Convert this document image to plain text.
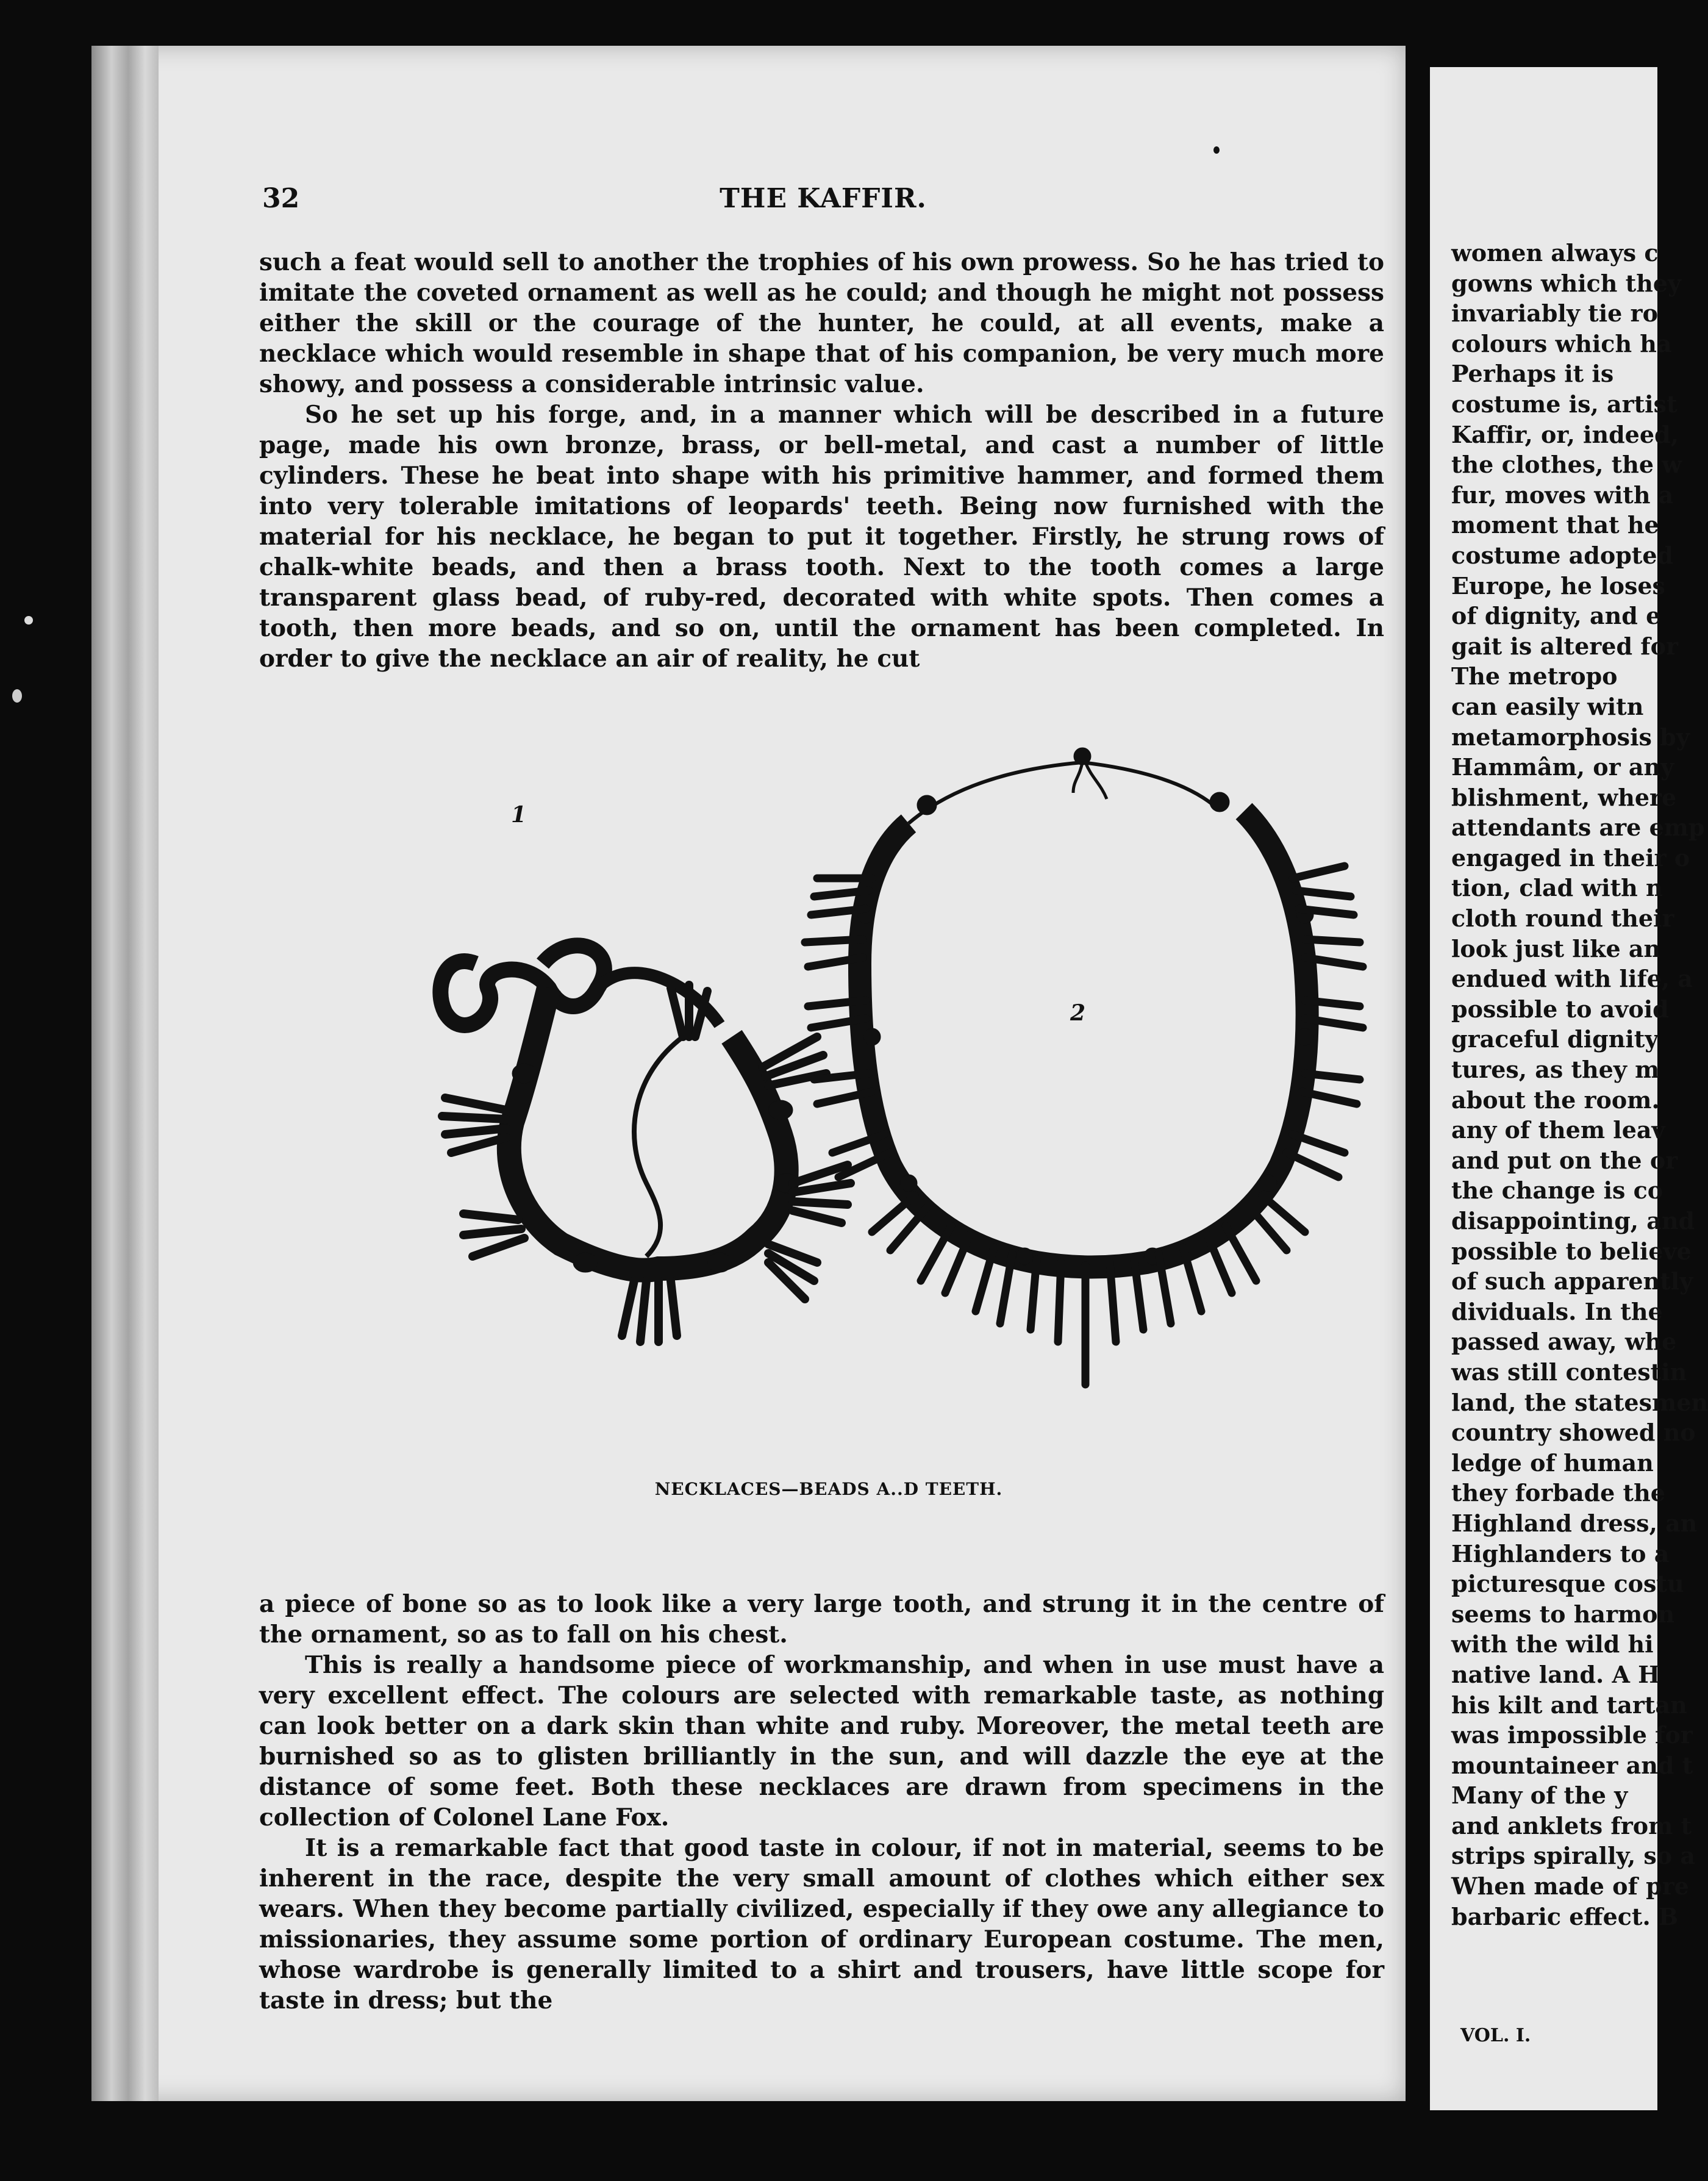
32	THE KAFFIR.

such a feat would sell to another the trophies of his own prowess. So he has tried to imitate the coveted ornament as well as he could; and though he might not possess either the skill or the courage of the hunter, he could, at all events, make a necklace which would resemble in shape that of his companion, be very much more showy, and possess a considerable intrinsic value.

So he set up his forge, and, in a manner which will be described in a future page, made his own bronze, brass, or bell-metal, and cast a number of little cylinders. These he beat into shape with his primitive hammer, and formed them into very tolerable imitations of leopards' teeth. Being now furnished with the material for his necklace, he began to put it together. Firstly, he strung rows of chalk-white beads, and then a brass tooth. Next to the tooth comes a large transparent glass bead, of ruby-red, decorated with white spots. Then comes a tooth, then more beads, and so on, until the ornament has been completed. In order to give the necklace an air of reality, he cut

1
2
NECKLACES—BEADS A..D TEETH.

a piece of bone so as to look like a very large tooth, and strung it in the centre of the ornament, so as to fall on his chest.

This is really a handsome piece of workmanship, and when in use must have a very excellent effect. The colours are selected with remarkable taste, as nothing can look better on a dark skin than white and ruby. Moreover, the metal teeth are burnished so as to glisten brilliantly in the sun, and will dazzle the eye at the distance of some feet. Both these necklaces are drawn from specimens in the collection of Colonel Lane Fox.

It is a remarkable fact that good taste in colour, if not in material, seems to be inherent in the race, despite the very small amount of clothes which either sex wears. When they become partially civilized, especially if they owe any allegiance to missionaries, they assume some portion of ordinary European costume. The men, whose wardrobe is generally limited to a shirt and trousers, have little scope for taste in dress; but the

women always c
gowns which they
invariably tie ro
colours which ha
Perhaps it is
costume is, artist
Kaffir, or, indeed,
the clothes, the w
fur, moves with a
moment that he
costume adopted
Europe, he loses
of dignity, and e
gait is altered for
The metropo
can easily witn
metamorphosis by
Hammâm, or any
blishment, where
attendants are emp
engaged in their o
tion, clad with n
cloth round their
look just like an
endued with life, a
possible to avoid
graceful dignity
tures, as they m
about the room.
any of them leav
and put on the or
the change is co
disappointing, and
possible to believe
of such apparently
dividuals. In the
passed away, whe
was still contestin
land, the statesmen
country showed no
ledge of human
they forbade the
Highland dress, an
Highlanders to a
picturesque costu
seems to harmon
with the wild hi
native land. A H
his kilt and tartan
was impossible for
mountaineer and t
Many of the y
and anklets from t
strips spirally, so a
When made of pre
barbaric effect. B
VOL. I.
